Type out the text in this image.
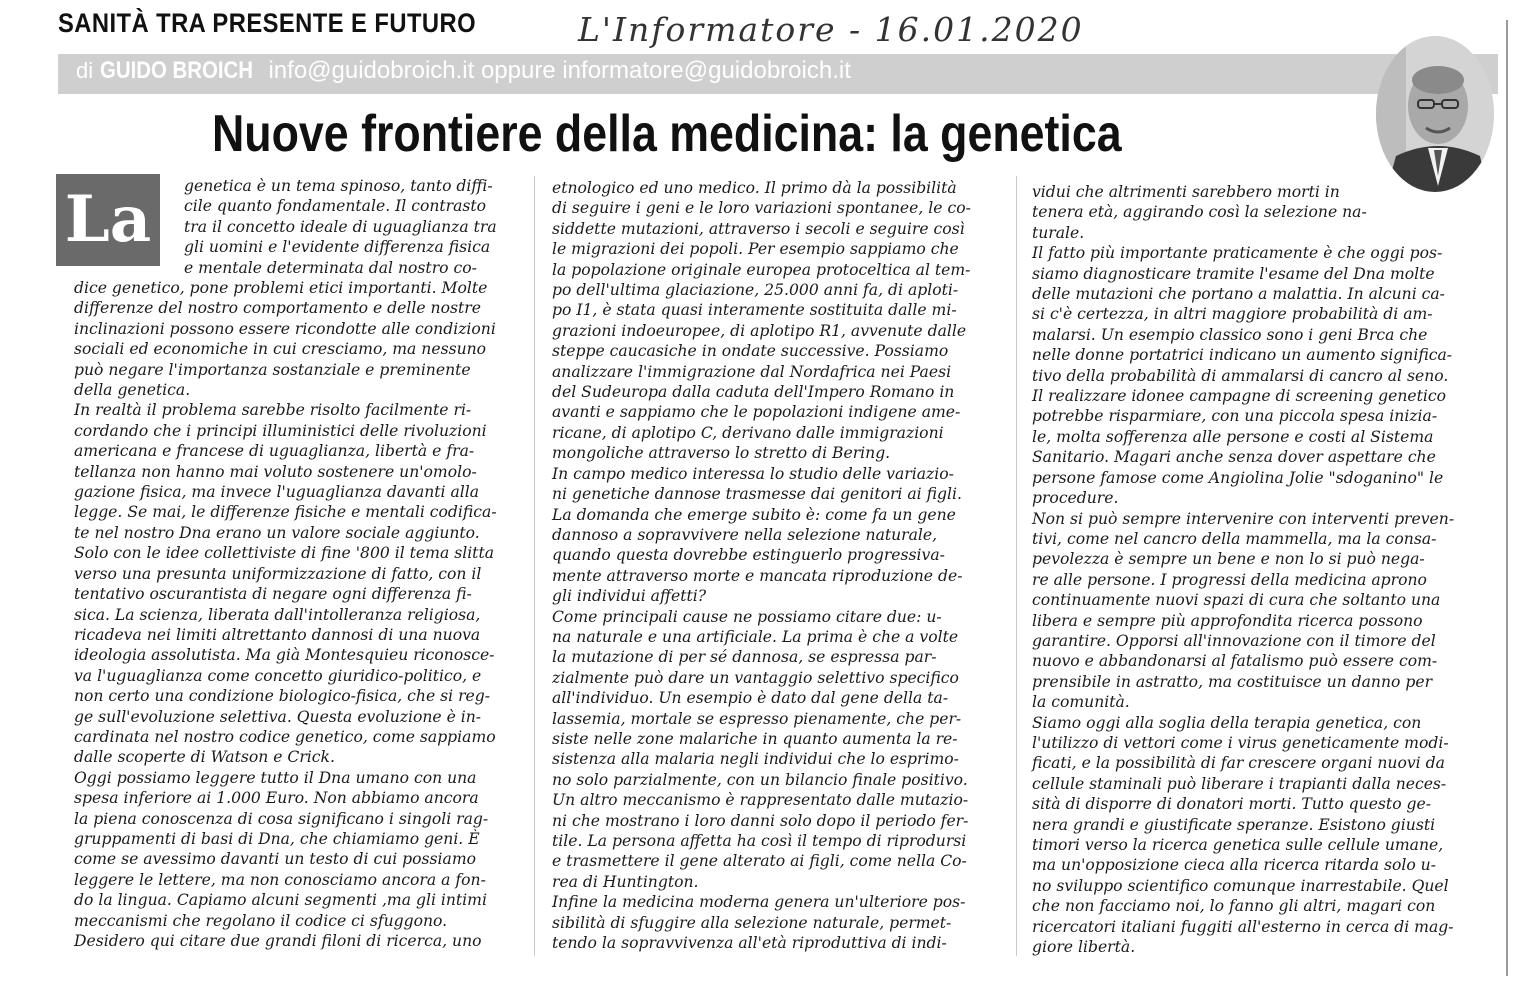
SANITÀ TRA PRESENTE E FUTURO	L'Informatore - 16.01.2020
di GUIDO BROICH info@guidobroich.it oppure informatore@guidobroich.it
Nuove frontiere della medicina: la genetica
La	genetica è un tema spinoso, tanto diffi-

cile quanto fondamentale. Il contrasto

tra il concetto ideale di uguaglianza tra

gli uomini e l'evidente differenza fisica

e mentale determinata dal nostro co-

dice genetico, pone problemi etici importanti. Molte

differenze del nostro comportamento e delle nostre

inclinazioni possono essere ricondotte alle condizioni

sociali ed economiche in cui cresciamo, ma nessuno

può negare l'importanza sostanziale e preminente

della genetica.

In realtà il problema sarebbe risolto facilmente ri-

cordando che i principi illuministici delle rivoluzioni

americana e francese di uguaglianza, libertà e fra-

tellanza non hanno mai voluto sostenere un'omolo-

gazione fisica, ma invece l'uguaglianza davanti alla

legge. Se mai, le differenze fisiche e mentali codifica-

te nel nostro Dna erano un valore sociale aggiunto.

Solo con le idee collettiviste di fine '800 il tema slitta

verso una presunta uniformizzazione di fatto, con il

tentativo oscurantista di negare ogni differenza fi-

sica. La scienza, liberata dall'intolleranza religiosa,

ricadeva nei limiti altrettanto dannosi di una nuova

ideologia assolutista. Ma già Montesquieu riconosce-

va l'uguaglianza come concetto giuridico-politico, e

non certo una condizione biologico-fisica, che si reg-

ge sull'evoluzione selettiva. Questa evoluzione è in-

cardinata nel nostro codice genetico, come sappiamo

dalle scoperte di Watson e Crick.

Oggi possiamo leggere tutto il Dna umano con una

spesa inferiore ai 1.000 Euro. Non abbiamo ancora

la piena conoscenza di cosa significano i singoli rag-

gruppamenti di basi di Dna, che chiamiamo geni. È

come se avessimo davanti un testo di cui possiamo

leggere le lettere, ma non conosciamo ancora a fon-

do la lingua. Capiamo alcuni segmenti ,ma gli intimi

meccanismi che regolano il codice ci sfuggono.

Desidero qui citare due grandi filoni di ricerca, uno

etnologico ed uno medico. Il primo dà la possibilità

di seguire i geni e le loro variazioni spontanee, le co-

siddette mutazioni, attraverso i secoli e seguire così

le migrazioni dei popoli. Per esempio sappiamo che

la popolazione originale europea protoceltica al tem-

po dell'ultima glaciazione, 25.000 anni fa, di aploti-

po I1, è stata quasi interamente sostituita dalle mi-

grazioni indoeuropee, di aplotipo R1, avvenute dalle

steppe caucasiche in ondate successive. Possiamo

analizzare l'immigrazione dal Nordafrica nei Paesi

del Sudeuropa dalla caduta dell'Impero Romano in

avanti e sappiamo che le popolazioni indigene ame-

ricane, di aplotipo C, derivano dalle immigrazioni

mongoliche attraverso lo stretto di Bering.

In campo medico interessa lo studio delle variazio-

ni genetiche dannose trasmesse dai genitori ai figli.

La domanda che emerge subito è: come fa un gene

dannoso a sopravvivere nella selezione naturale,

quando questa dovrebbe estinguerlo progressiva-

mente attraverso morte e mancata riproduzione de-

gli individui affetti?

Come principali cause ne possiamo citare due: u-

na naturale e una artificiale. La prima è che a volte

la mutazione di per sé dannosa, se espressa par-

zialmente può dare un vantaggio selettivo specifico

all'individuo. Un esempio è dato dal gene della ta-

lassemia, mortale se espresso pienamente, che per-

siste nelle zone malariche in quanto aumenta la re-

sistenza alla malaria negli individui che lo esprimo-

no solo parzialmente, con un bilancio finale positivo.

Un altro meccanismo è rappresentato dalle mutazio-

ni che mostrano i loro danni solo dopo il periodo fer-

tile. La persona affetta ha così il tempo di riprodursi

e trasmettere il gene alterato ai figli, come nella Co-

rea di Huntington.

Infine la medicina moderna genera un'ulteriore pos-

sibilità di sfuggire alla selezione naturale, permet-

tendo la sopravvivenza all'età riproduttiva di indi-

vidui che altrimenti sarebbero morti in

tenera età, aggirando così la selezione na-

turale.

Il fatto più importante praticamente è che oggi pos-

siamo diagnosticare tramite l'esame del Dna molte

delle mutazioni che portano a malattia. In alcuni ca-

si c'è certezza, in altri maggiore probabilità di am-

malarsi. Un esempio classico sono i geni Brca che

nelle donne portatrici indicano un aumento significa-

tivo della probabilità di ammalarsi di cancro al seno.

Il realizzare idonee campagne di screening genetico

potrebbe risparmiare, con una piccola spesa inizia-

le, molta sofferenza alle persone e costi al Sistema

Sanitario. Magari anche senza dover aspettare che

persone famose come Angiolina Jolie "sdoganino" le

procedure.

Non si può sempre intervenire con interventi preven-

tivi, come nel cancro della mammella, ma la consa-

pevolezza è sempre un bene e non lo si può nega-

re alle persone. I progressi della medicina aprono

continuamente nuovi spazi di cura che soltanto una

libera e sempre più approfondita ricerca possono

garantire. Opporsi all'innovazione con il timore del

nuovo e abbandonarsi al fatalismo può essere com-

prensibile in astratto, ma costituisce un danno per

la comunità.

Siamo oggi alla soglia della terapia genetica, con

l'utilizzo di vettori come i virus geneticamente modi-

ficati, e la possibilità di far crescere organi nuovi da

cellule staminali può liberare i trapianti dalla neces-

sità di disporre di donatori morti. Tutto questo ge-

nera grandi e giustificate speranze. Esistono giusti

timori verso la ricerca genetica sulle cellule umane,

ma un'opposizione cieca alla ricerca ritarda solo u-

no sviluppo scientifico comunque inarrestabile. Quel

che non facciamo noi, lo fanno gli altri, magari con

ricercatori italiani fuggiti all'esterno in cerca di mag-

giore libertà.
